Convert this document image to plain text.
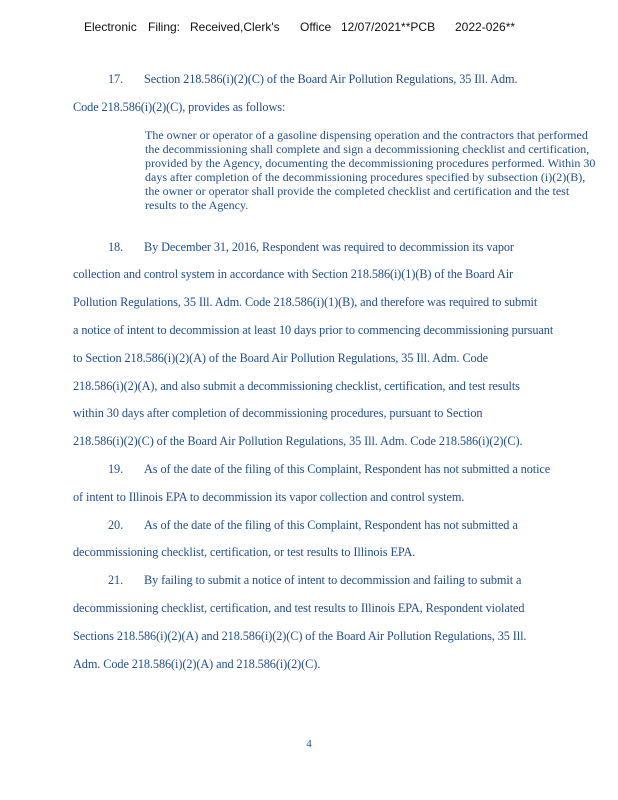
Electronic Filing: Received,Clerk's Office 12/07/2021**PCB 2022-026**
17. Section 218.586(i)(2)(C) of the Board Air Pollution Regulations, 35 Ill. Adm.
Code 218.586(i)(2)(C), provides as follows:
The owner or operator of a gasoline dispensing operation and the contractors that performed the decommissioning shall complete and sign a decommissioning checklist and certification, provided by the Agency, documenting the decommissioning procedures performed. Within 30 days after completion of the decommissioning procedures specified by subsection (i)(2)(B), the owner or operator shall provide the completed checklist and certification and the test results to the Agency.
18. By December 31, 2016, Respondent was required to decommission its vapor
collection and control system in accordance with Section 218.586(i)(1)(B) of the Board Air
Pollution Regulations, 35 Ill. Adm. Code 218.586(i)(1)(B), and therefore was required to submit
a notice of intent to decommission at least 10 days prior to commencing decommissioning pursuant
to Section 218.586(i)(2)(A) of the Board Air Pollution Regulations, 35 Ill. Adm. Code
218.586(i)(2)(A), and also submit a decommissioning checklist, certification, and test results
within 30 days after completion of decommissioning procedures, pursuant to Section
218.586(i)(2)(C) of the Board Air Pollution Regulations, 35 Ill. Adm. Code 218.586(i)(2)(C).
19. As of the date of the filing of this Complaint, Respondent has not submitted a notice
of intent to Illinois EPA to decommission its vapor collection and control system.
20. As of the date of the filing of this Complaint, Respondent has not submitted a
decommissioning checklist, certification, or test results to Illinois EPA.
21. By failing to submit a notice of intent to decommission and failing to submit a
decommissioning checklist, certification, and test results to Illinois EPA, Respondent violated
Sections 218.586(i)(2)(A) and 218.586(i)(2)(C) of the Board Air Pollution Regulations, 35 Ill.
Adm. Code 218.586(i)(2)(A) and 218.586(i)(2)(C).
4
